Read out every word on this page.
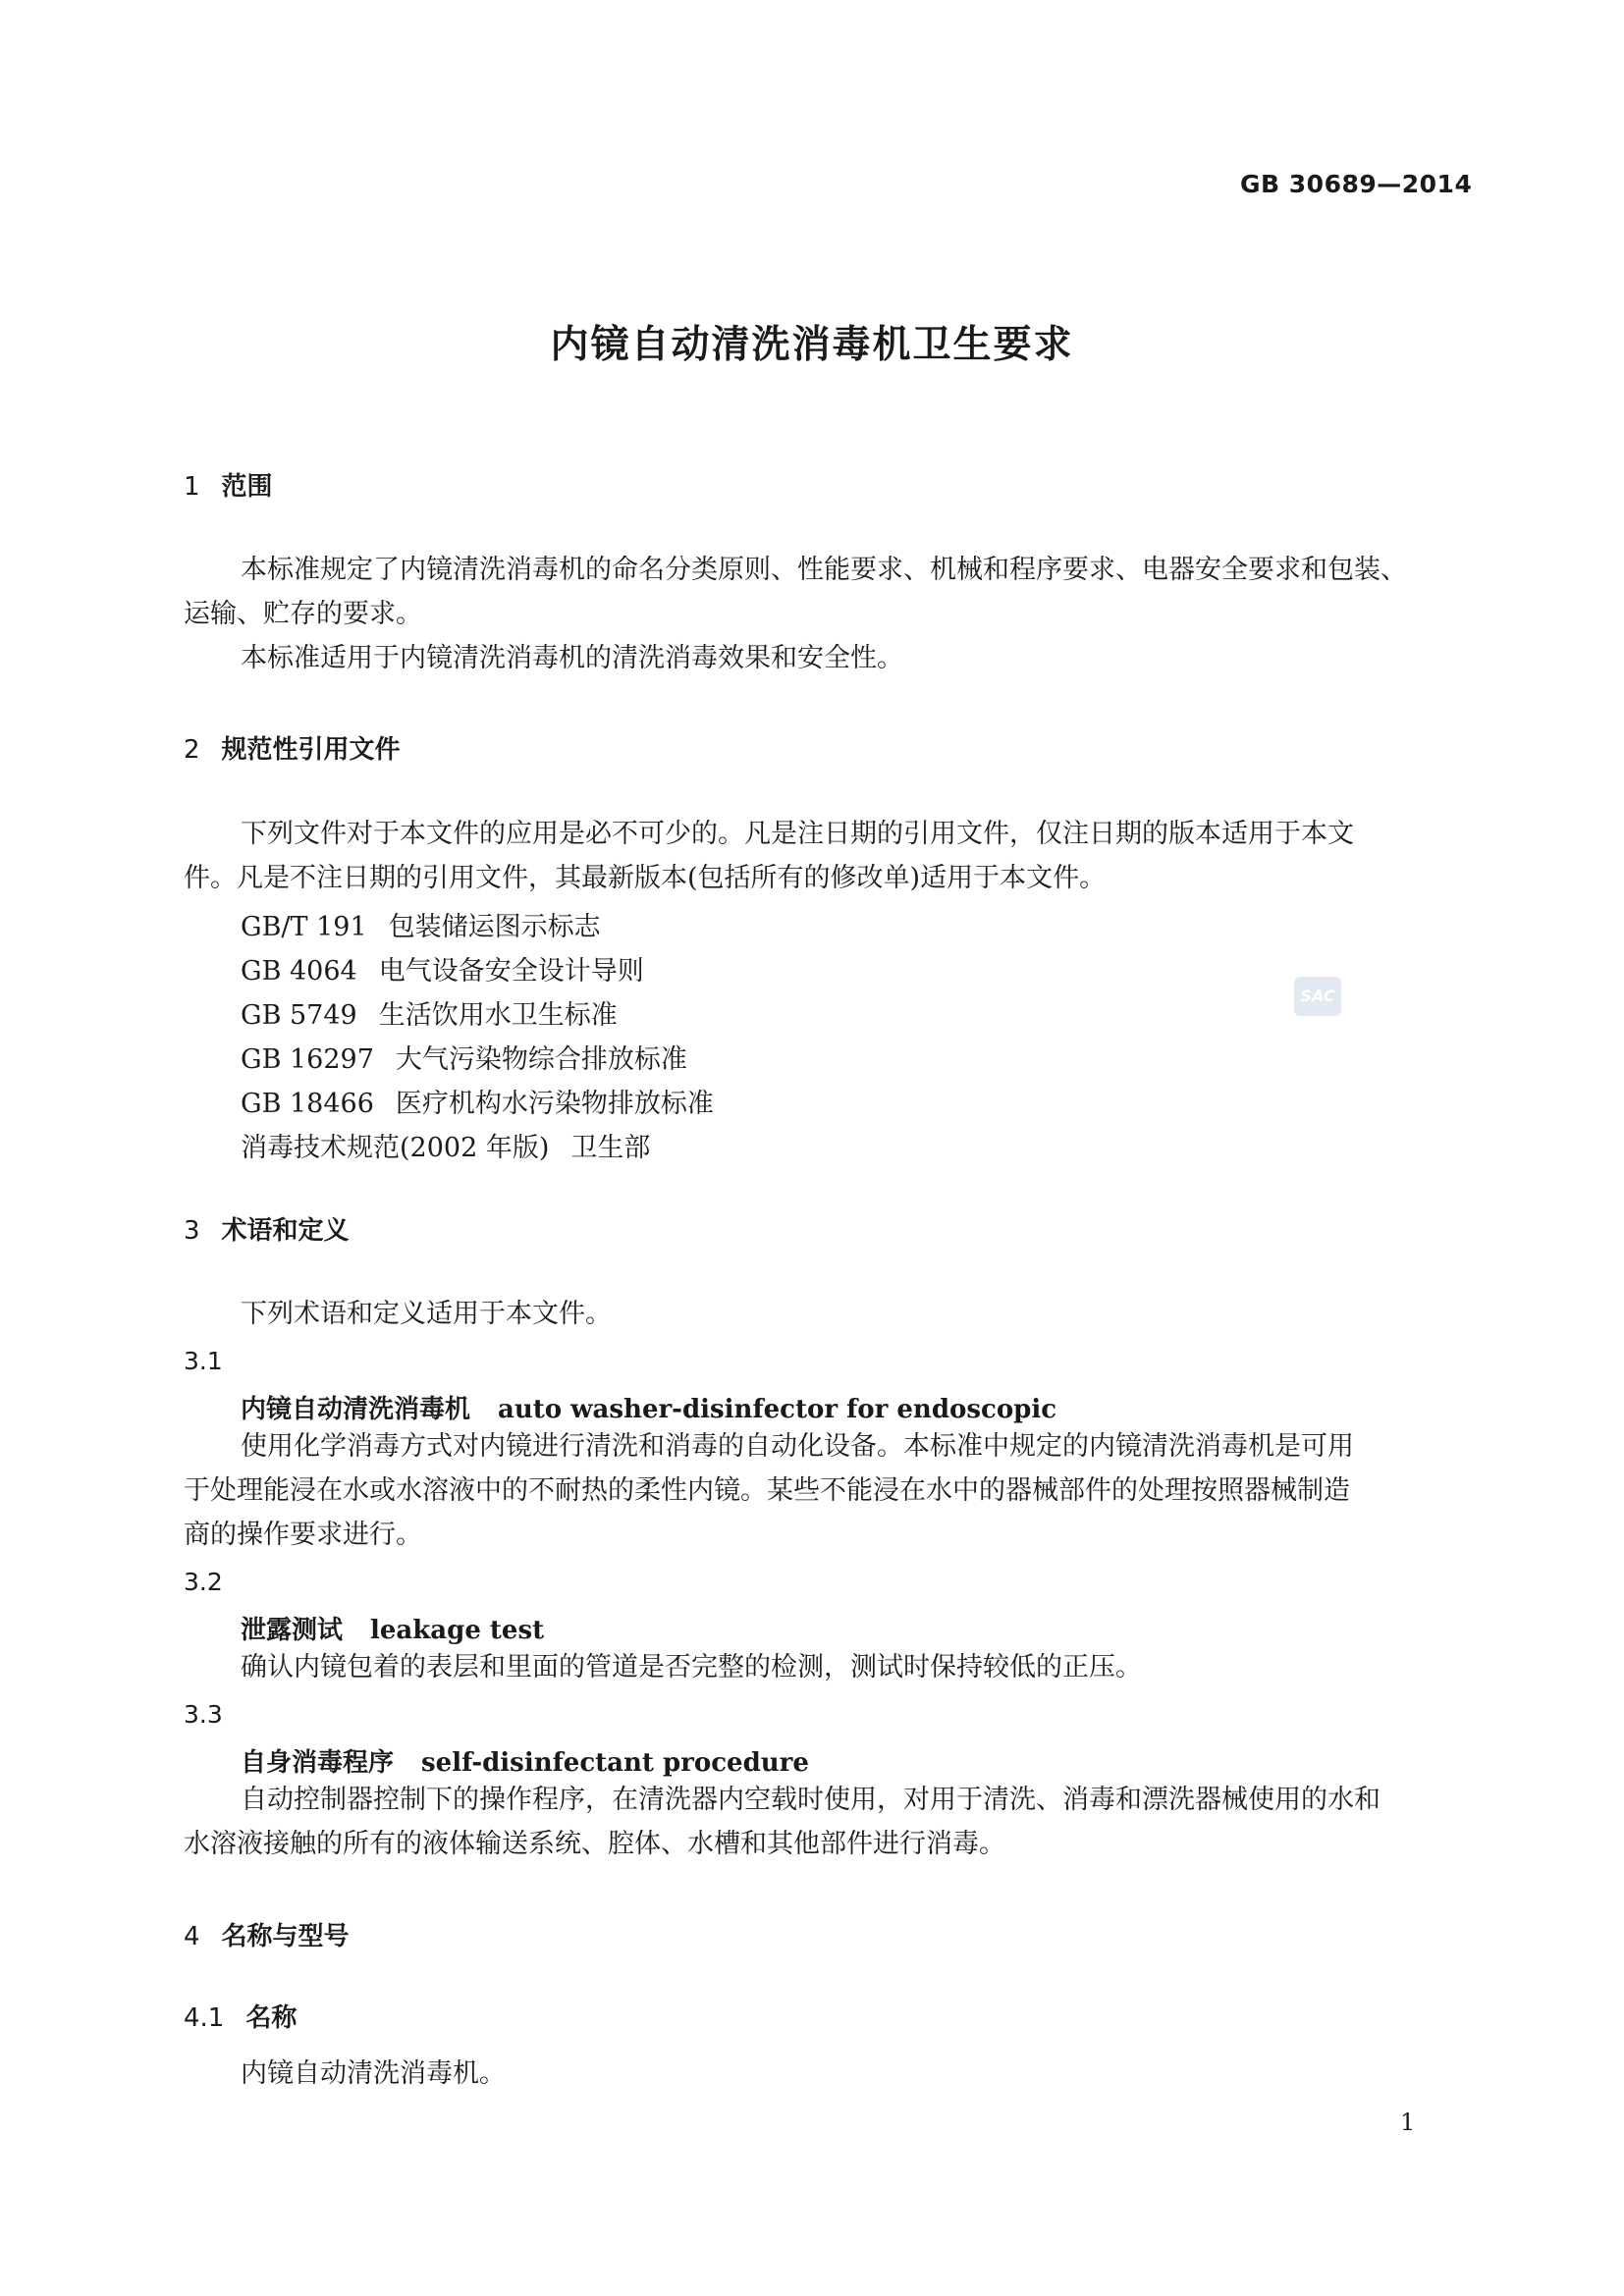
GB 30689—2014
内镜自动清洗消毒机卫生要求
1 范围
本标准规定了内镜清洗消毒机的命名分类原则、性能要求、机械和程序要求、电器安全要求和包装、
运输、贮存的要求。
本标准适用于内镜清洗消毒机的清洗消毒效果和安全性。
2 规范性引用文件
下列文件对于本文件的应用是必不可少的。凡是注日期的引用文件，仅注日期的版本适用于本文
件。凡是不注日期的引用文件，其最新版本(包括所有的修改单)适用于本文件。
GB/T 191 包装储运图示标志
GB 4064 电气设备安全设计导则
GB 5749 生活饮用水卫生标准
GB 16297 大气污染物综合排放标准
GB 18466 医疗机构水污染物排放标准
消毒技术规范(2002 年版) 卫生部
SAC
3 术语和定义
下列术语和定义适用于本文件。
3.1
内镜自动清洗消毒机 auto washer-disinfector for endoscopic
使用化学消毒方式对内镜进行清洗和消毒的自动化设备。本标准中规定的内镜清洗消毒机是可用
于处理能浸在水或水溶液中的不耐热的柔性内镜。某些不能浸在水中的器械部件的处理按照器械制造
商的操作要求进行。
3.2
泄露测试 leakage test
确认内镜包着的表层和里面的管道是否完整的检测，测试时保持较低的正压。
3.3
自身消毒程序 self-disinfectant procedure
自动控制器控制下的操作程序，在清洗器内空载时使用，对用于清洗、消毒和漂洗器械使用的水和
水溶液接触的所有的液体输送系统、腔体、水槽和其他部件进行消毒。
4 名称与型号
4.1 名称
内镜自动清洗消毒机。
1
